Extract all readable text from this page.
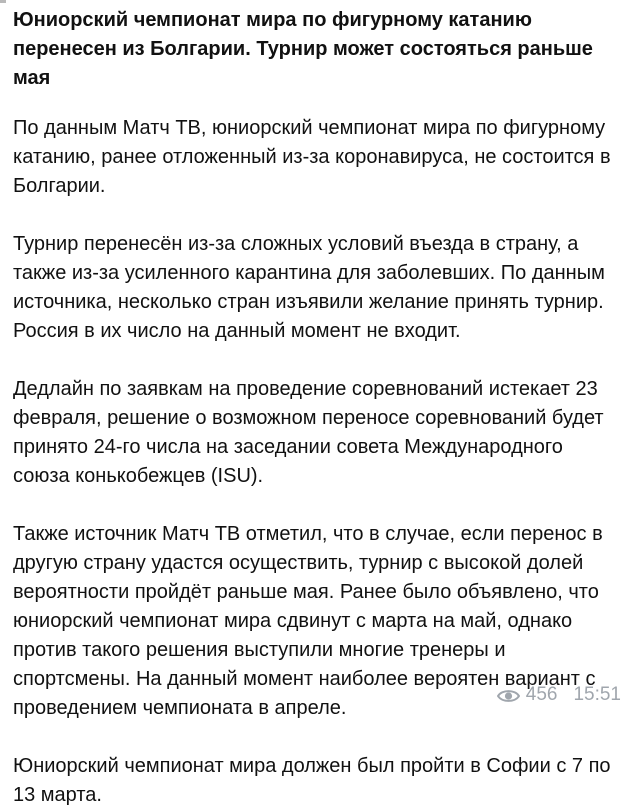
Юниорский чемпионат мира по фигурному катанию
перенесен из Болгарии. Турнир может состояться раньше мая

По данным Матч ТВ, юниорский чемпионат мира по фигурному
катанию, ранее отложенный из-за коронавируса, не состоится в
Болгарии.

Турнир перенесён из-за сложных условий въезда в страну, а
также из-за усиленного карантина для заболевших. По данным
источника, несколько стран изъявили желание принять турнир.
Россия в их число на данный момент не входит.

Дедлайн по заявкам на проведение соревнований истекает 23
февраля, решение о возможном переносе соревнований будет
принято 24-го числа на заседании совета Международного
союза конькобежцев (ISU).

Также источник Матч ТВ отметил, что в случае, если перенос в
другую страну удастся осуществить, турнир с высокой долей
вероятности пройдёт раньше мая. Ранее было объявлено, что
юниорский чемпионат мира сдвинут с марта на май, однако
против такого решения выступили многие тренеры и
спортсмены. На данный момент наиболее вероятен вариант с
проведением чемпионата в апреле.

Юниорский чемпионат мира должен был пройти в Софии с 7 по
13 марта.

456 15:51
